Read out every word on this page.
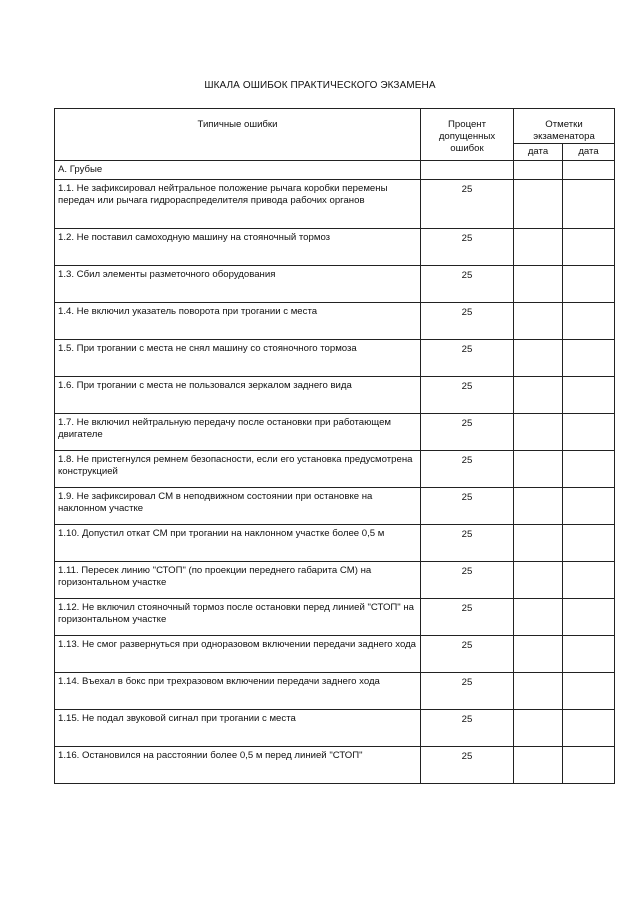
ШКАЛА ОШИБОК ПРАКТИЧЕСКОГО ЭКЗАМЕНА
Типичные ошибки	Процент допущенных ошибок	Отметки экзаменатора	
		дата	дата
А. Грубые			
1.1. Не зафиксировал нейтральное положение рычага коробки перемены передач или рычага гидрораспределителя привода рабочих органов	25		
1.2. Не поставил самоходную машину на стояночный тормоз	25		
1.3. Сбил элементы разметочного оборудования	25		
1.4. Не включил указатель поворота при трогании с места	25		
1.5. При трогании с места не снял машину со стояночного тормоза	25		
1.6. При трогании с места не пользовался зеркалом заднего вида	25		
1.7. Не включил нейтральную передачу после остановки при работающем двигателе	25		
1.8. Не пристегнулся ремнем безопасности, если его установка предусмотрена конструкцией	25		
1.9. Не зафиксировал СМ в неподвижном состоянии при остановке на наклонном участке	25		
1.10. Допустил откат СМ при трогании на наклонном участке более 0,5 м	25		
1.11. Пересек линию "СТОП" (по проекции переднего габарита СМ) на горизонтальном участке	25		
1.12. Не включил стояночный тормоз после остановки перед линией "СТОП" на горизонтальном участке	25		
1.13. Не смог развернуться при одноразовом включении передачи заднего хода	25		
1.14. Въехал в бокс при трехразовом включении передачи заднего хода	25		
1.15. Не подал звуковой сигнал при трогании с места	25		
1.16. Остановился на расстоянии более 0,5 м перед линией "СТОП"	25		
